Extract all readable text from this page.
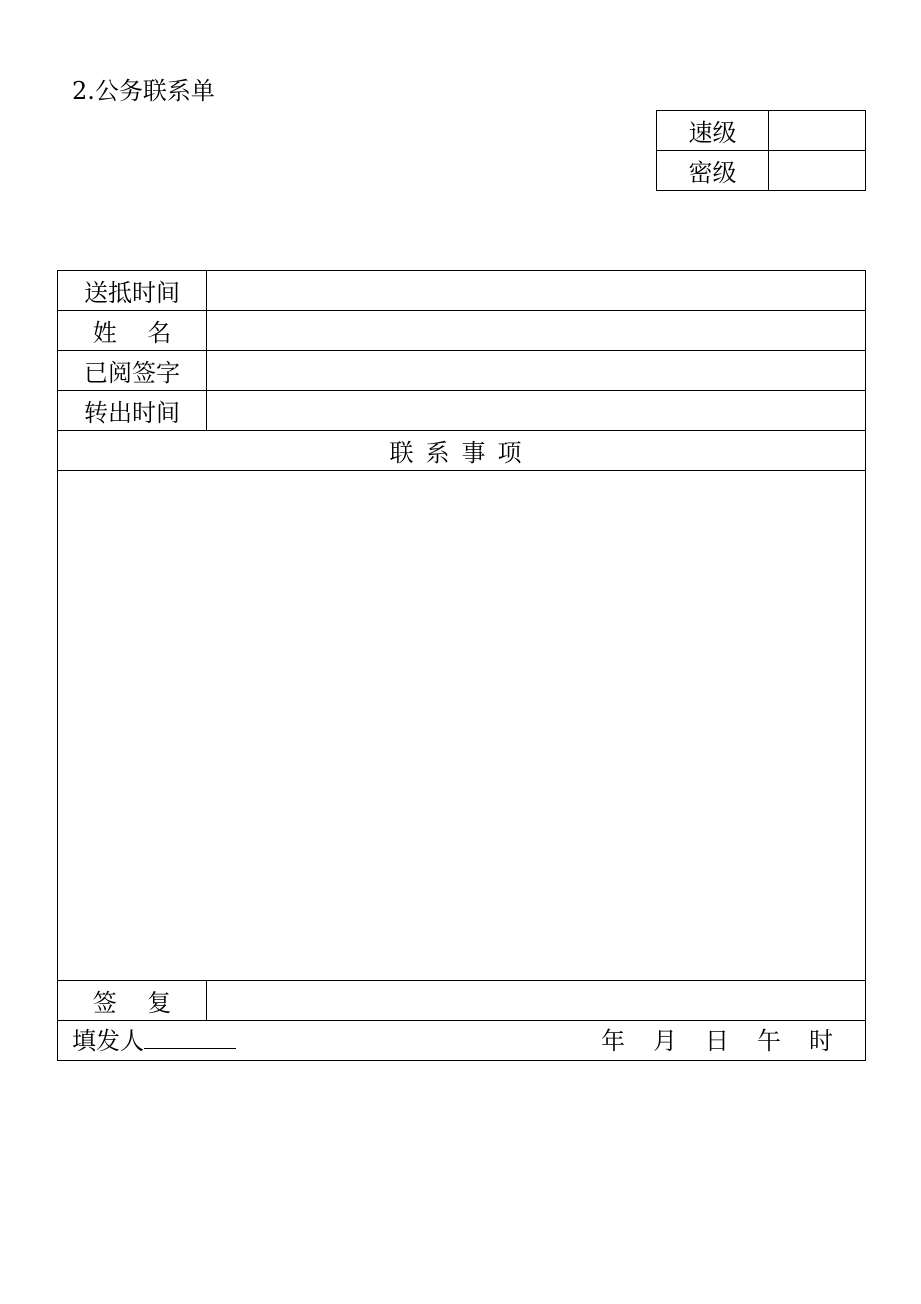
2.公务联系单
速级	
密级	
送抵时间	
姓    名	
已阅签字	
转出时间	
联系事项	

签    复	

填发人 年 月 日 午 时	
